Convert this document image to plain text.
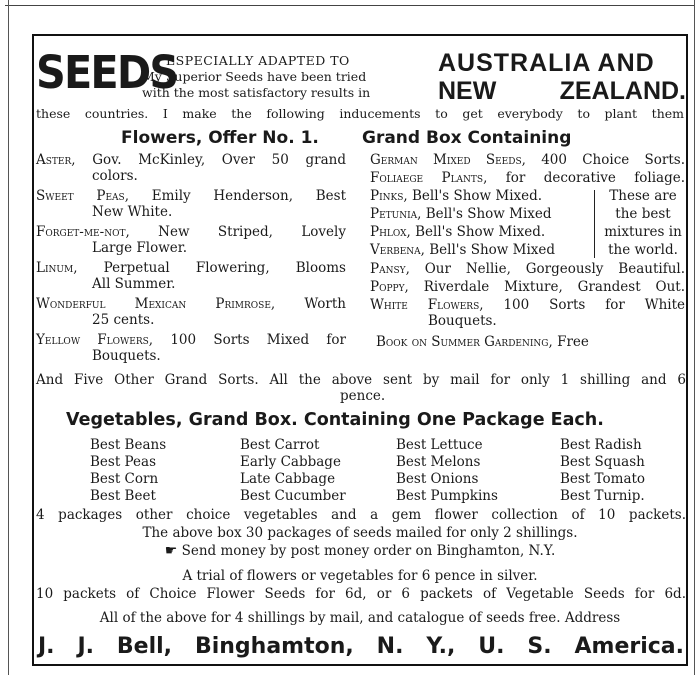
SEEDS
ESPECIALLY ADAPTED TO
My Superior Seeds have been tried
with the most satisfactory results in
AUSTRALIA AND
NEW ZEALAND.
these countries. I make the following inducements to get everybody to plant them
Flowers, Offer No. 1.	Grand Box Containing
Aster, Gov. McKinley, Over 50 grand
colors.
Sweet Peas, Emily Henderson, Best
New White.
Forget-me-not, New Striped, Lovely
Large Flower.
Linum, Perpetual Flowering, Blooms
All Summer.
Wonderful Mexican Primrose, Worth
25 cents.
Yellow Flowers, 100 Sorts Mixed for
Bouquets.
German Mixed Seeds, 400 Choice Sorts.
Foliaege Plants, for decorative foliage.
Pinks, Bell's Show Mixed.
Petunia, Bell's Show Mixed
Phlox, Bell's Show Mixed.
Verbena, Bell's Show Mixed
These are
the best
mixtures in
the world.
Pansy, Our Nellie, Gorgeously Beautiful.
Poppy, Riverdale Mixture, Grandest Out.
White Flowers, 100 Sorts for White
Bouquets.
Book on Summer Gardening, Free
And Five Other Grand Sorts. All the above sent by mail for only 1 shilling and 6
pence.
Vegetables, Grand Box. Containing One Package Each.
Best Beans
Best Peas
Best Corn
Best Beet
Best Carrot
Early Cabbage
Late Cabbage
Best Cucumber
Best Lettuce
Best Melons
Best Onions
Best Pumpkins
Best Radish
Best Squash
Best Tomato
Best Turnip.
4 packages other choice vegetables and a gem flower collection of 10 packets.
The above box 30 packages of seeds mailed for only 2 shillings.
☛ Send money by post money order on Binghamton, N.Y.
A trial of flowers or vegetables for 6 pence in silver.
10 packets of Choice Flower Seeds for 6d, or 6 packets of Vegetable Seeds for 6d.
All of the above for 4 shillings by mail, and catalogue of seeds free. Address
J. J. Bell, Binghamton, N. Y., U. S. America.
